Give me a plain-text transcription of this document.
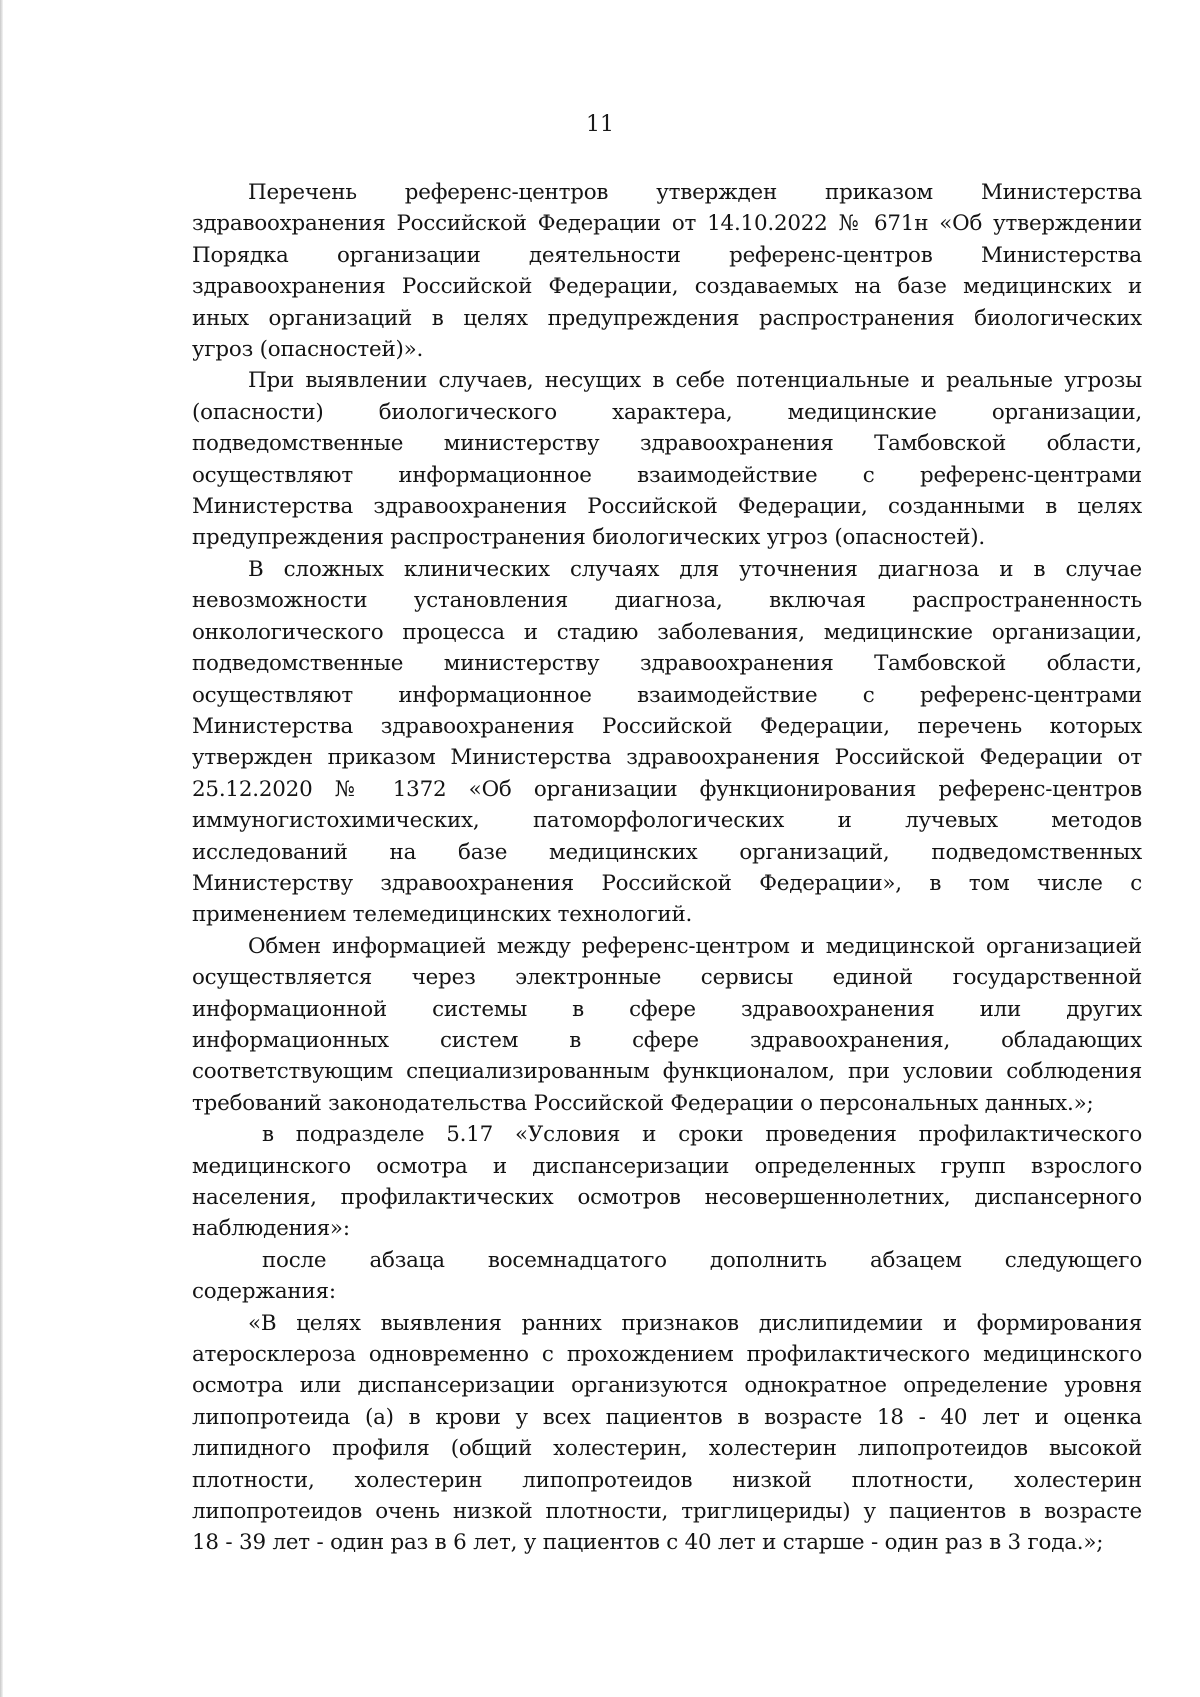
11
Перечень референс-центров утвержден приказом Министерства
здравоохранения Российской Федерации от 14.10.2022 № 671н «Об утверждении
Порядка организации деятельности референс-центров Министерства
здравоохранения Российской Федерации, создаваемых на базе медицинских и
иных организаций в целях предупреждения распространения биологических
угроз (опасностей)».
При выявлении случаев, несущих в себе потенциальные и реальные угрозы
(опасности) биологического характера, медицинские организации,
подведомственные министерству здравоохранения Тамбовской области,
осуществляют информационное взаимодействие с референс-центрами
Министерства здравоохранения Российской Федерации, созданными в целях
предупреждения распространения биологических угроз (опасностей).
В сложных клинических случаях для уточнения диагноза и в случае
невозможности установления диагноза, включая распространенность
онкологического процесса и стадию заболевания, медицинские организации,
подведомственные министерству здравоохранения Тамбовской области,
осуществляют информационное взаимодействие с референс-центрами
Министерства здравоохранения Российской Федерации, перечень которых
утвержден приказом Министерства здравоохранения Российской Федерации от
25.12.2020 № 1372 «Об организации функционирования референс-центров
иммуногистохимических, патоморфологических и лучевых методов
исследований на базе медицинских организаций, подведомственных
Министерству здравоохранения Российской Федерации», в том числе с
применением телемедицинских технологий.
Обмен информацией между референс-центром и медицинской организацией
осуществляется через электронные сервисы единой государственной
информационной системы в сфере здравоохранения или других
информационных систем в сфере здравоохранения, обладающих
соответствующим специализированным функционалом, при условии соблюдения
требований законодательства Российской Федерации о персональных данных.»;
в подразделе 5.17 «Условия и сроки проведения профилактического
медицинского осмотра и диспансеризации определенных групп взрослого
населения, профилактических осмотров несовершеннолетних, диспансерного
наблюдения»:
после абзаца восемнадцатого дополнить абзацем следующего
содержания:
«В целях выявления ранних признаков дислипидемии и формирования
атеросклероза одновременно с прохождением профилактического медицинского
осмотра или диспансеризации организуются однократное определение уровня
липопротеида (а) в крови у всех пациентов в возрасте 18 - 40 лет и оценка
липидного профиля (общий холестерин, холестерин липопротеидов высокой
плотности, холестерин липопротеидов низкой плотности, холестерин
липопротеидов очень низкой плотности, триглицериды) у пациентов в возрасте
18 - 39 лет - один раз в 6 лет, у пациентов с 40 лет и старше - один раз в 3 года.»;
